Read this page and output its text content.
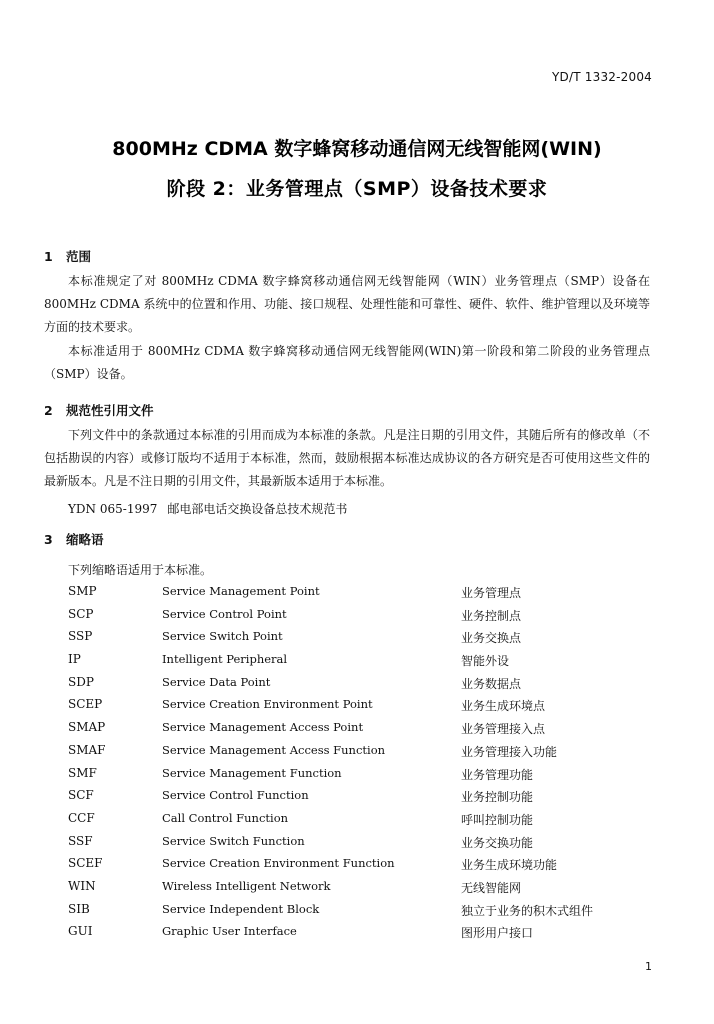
YD/T 1332-2004
800MHz CDMA 数字蜂窝移动通信网无线智能网(WIN)
阶段 2：业务管理点（SMP）设备技术要求
1 范围
本标准规定了对 800MHz CDMA 数字蜂窝移动通信网无线智能网（WIN）业务管理点（SMP）设备在 800MHz CDMA 系统中的位置和作用、功能、接口规程、处理性能和可靠性、硬件、软件、维护管理以及环境等方面的技术要求。
本标准适用于 800MHz CDMA 数字蜂窝移动通信网无线智能网(WIN)第一阶段和第二阶段的业务管理点（SMP）设备。
2 规范性引用文件
下列文件中的条款通过本标准的引用而成为本标准的条款。凡是注日期的引用文件，其随后所有的修改单（不包括勘误的内容）或修订版均不适用于本标准，然而，鼓励根据本标准达成协议的各方研究是否可使用这些文件的最新版本。凡是不注日期的引用文件，其最新版本适用于本标准。
YDN 065-1997 邮电部电话交换设备总技术规范书
3 缩略语
下列缩略语适用于本标准。
SMP	Service Management Point	业务管理点
SCP	Service Control Point	业务控制点
SSP	Service Switch Point	业务交换点
IP	Intelligent Peripheral	智能外设
SDP	Service Data Point	业务数据点
SCEP	Service Creation Environment Point	业务生成环境点
SMAP	Service Management Access Point	业务管理接入点
SMAF	Service Management Access Function	业务管理接入功能
SMF	Service Management Function	业务管理功能
SCF	Service Control Function	业务控制功能
CCF	Call Control Function	呼叫控制功能
SSF	Service Switch Function	业务交换功能
SCEF	Service Creation Environment Function	业务生成环境功能
WIN	Wireless Intelligent Network	无线智能网
SIB	Service Independent Block	独立于业务的积木式组件
GUI	Graphic User Interface	图形用户接口
1
